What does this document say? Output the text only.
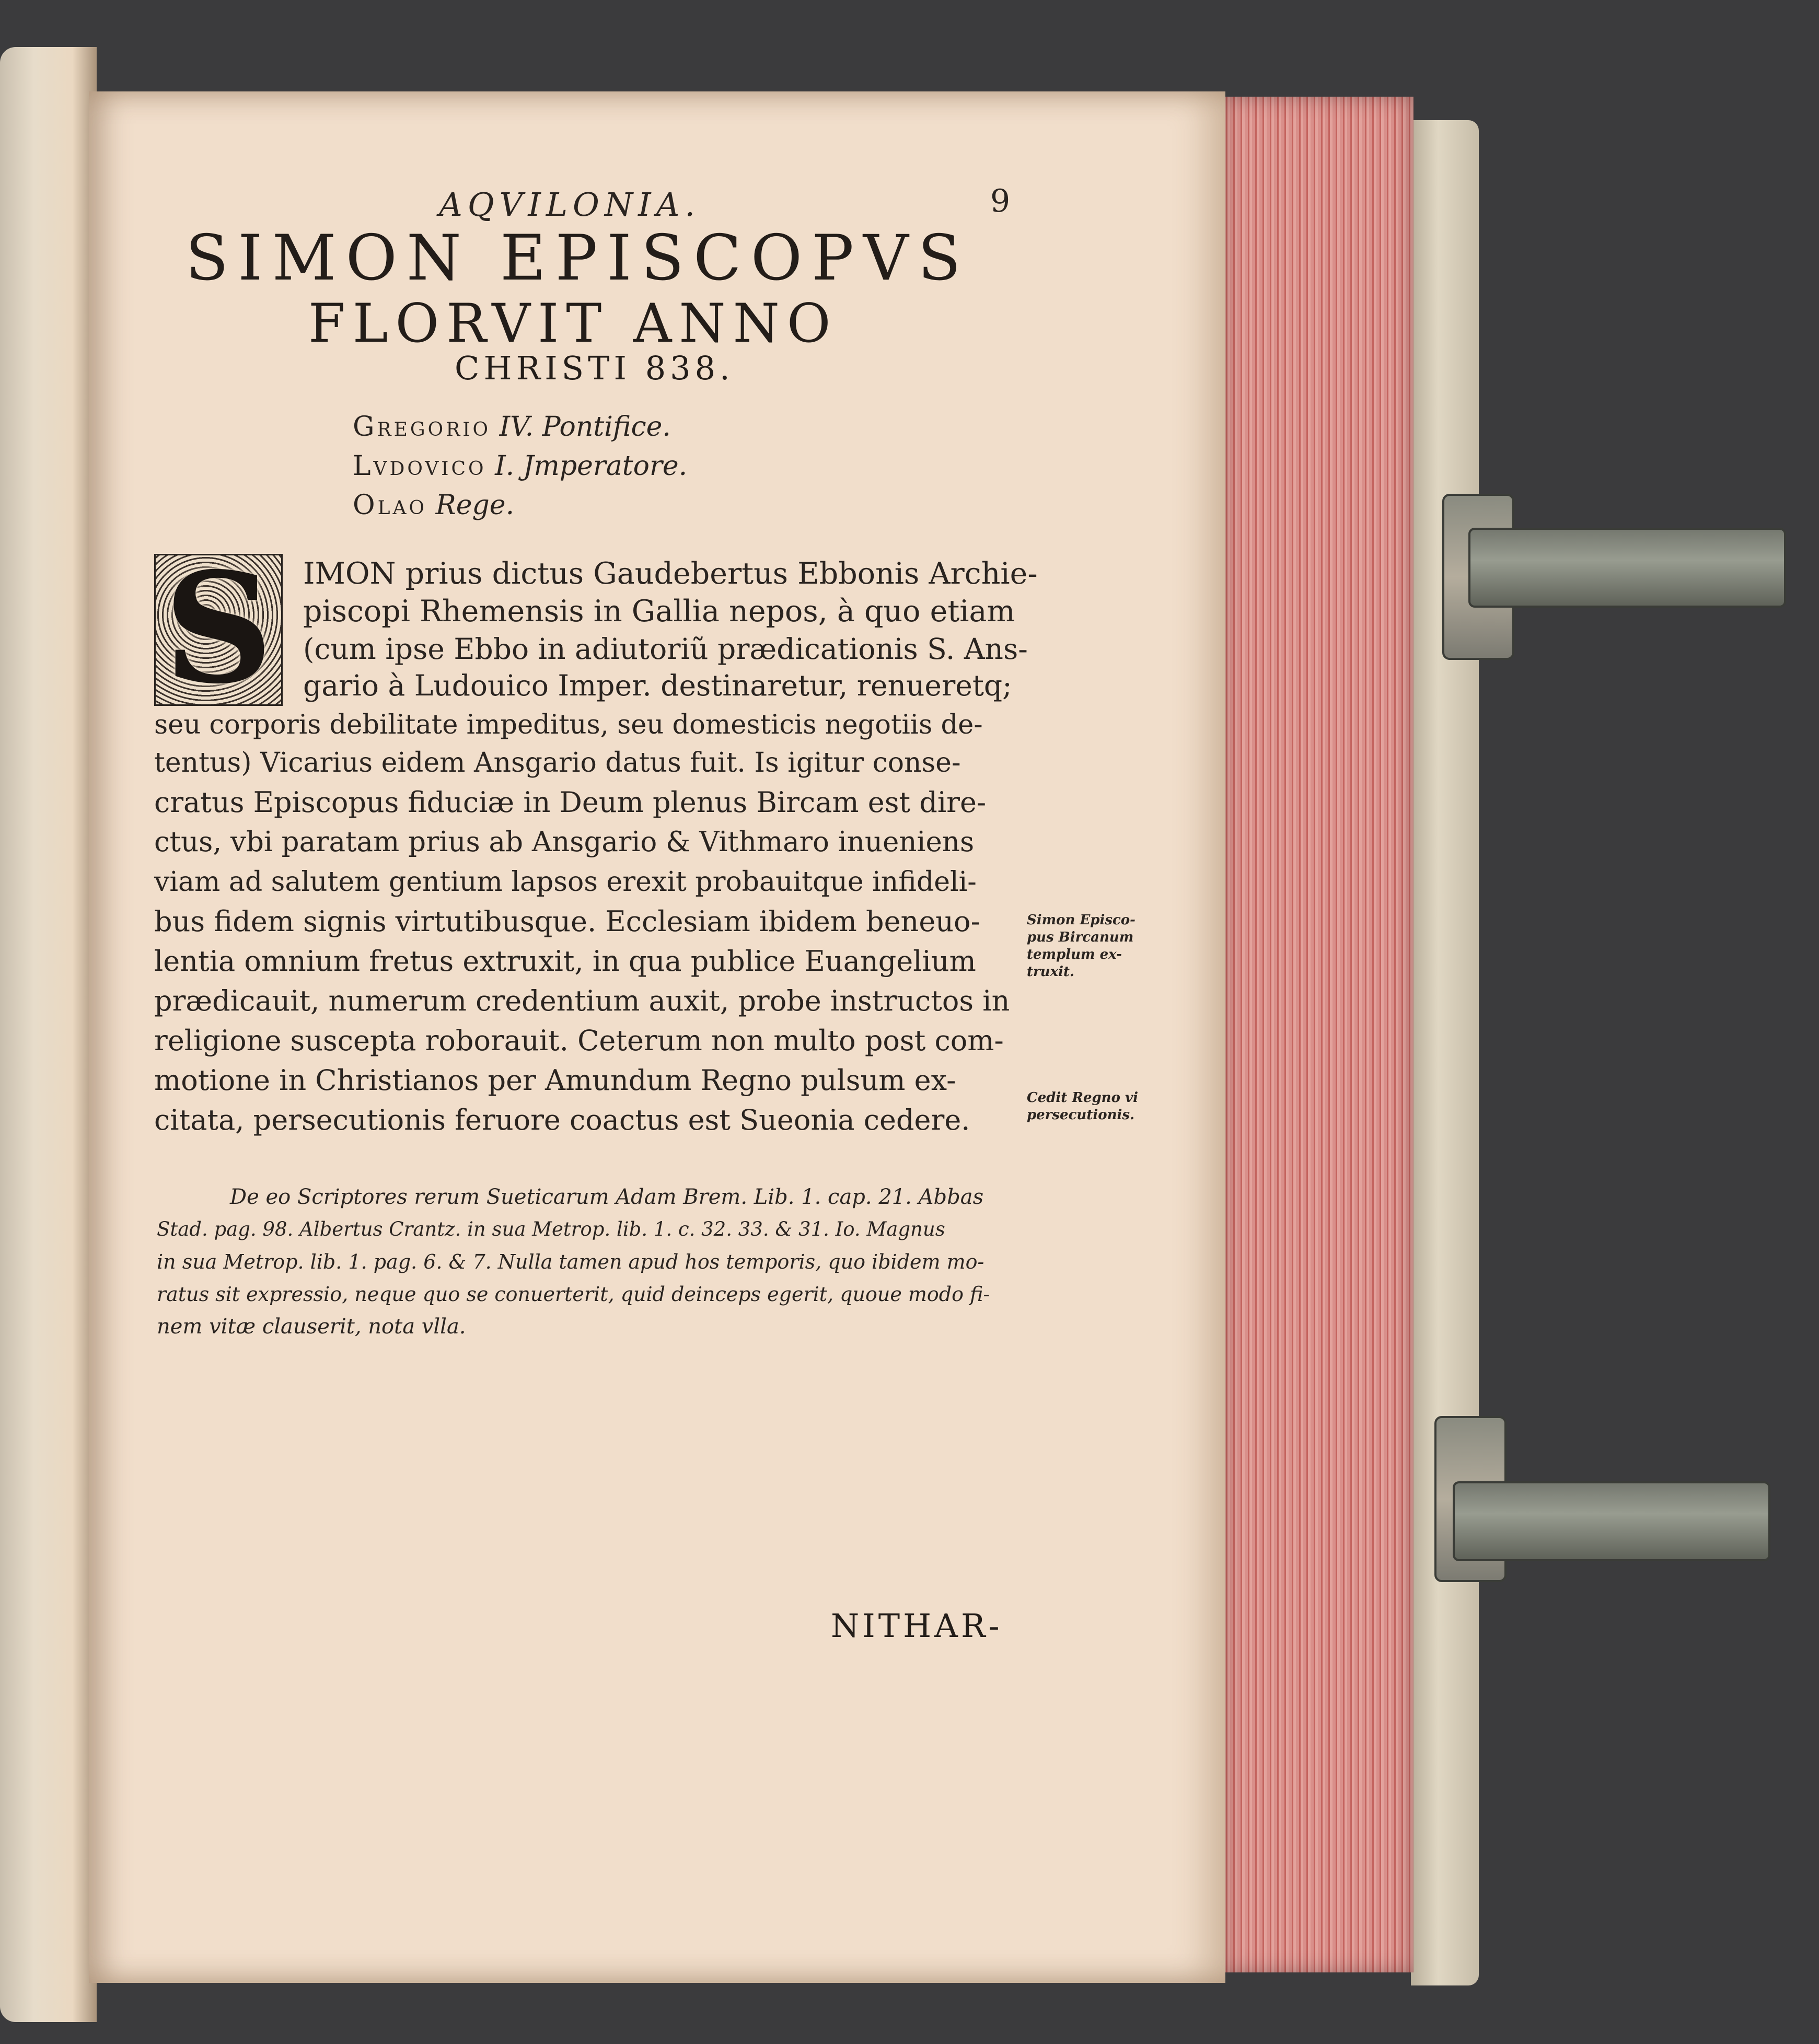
AQVILONIA.	9
SIMON EPISCOPVS
FLORVIT ANNO
CHRISTI 838.
Gregorio IV. Pontifice.
Lvdovico I. Jmperatore.
Olao Rege.
S IMON prius dictus Gaudebertus Ebbonis Archie-
piscopi Rhemensis in Gallia nepos, à quo etiam
(cum ipse Ebbo in adiutoriũ prædicationis S. Ans-
gario à Ludouico Imper. destinaretur, renueretq;
seu corporis debilitate impeditus, seu domesticis negotiis de-
tentus) Vicarius eidem Ansgario datus fuit. Is igitur conse-
cratus Episcopus fiduciæ in Deum plenus Bircam est dire-
ctus, vbi paratam prius ab Ansgario & Vithmaro inueniens
viam ad salutem gentium lapsos erexit probauitque infideli-
bus fidem signis virtutibusque. Ecclesiam ibidem beneuo-
lentia omnium fretus extruxit, in qua publice Euangelium
prædicauit, numerum credentium auxit, probe instructos in
religione suscepta roborauit. Ceterum non multo post com-
motione in Christianos per Amundum Regno pulsum ex-
citata, persecutionis feruore coactus est Sueonia cedere.
Simon Episco-
pus Bircanum
templum ex-
truxit.
Cedit Regno vi
persecutionis.
De eo Scriptores rerum Sueticarum Adam Brem. Lib. 1. cap. 21. Abbas
Stad. pag. 98. Albertus Crantz. in sua Metrop. lib. 1. c. 32. 33. & 31. Io. Magnus
in sua Metrop. lib. 1. pag. 6. & 7. Nulla tamen apud hos temporis, quo ibidem mo-
ratus sit expressio, neque quo se conuerterit, quid deinceps egerit, quoue modo fi-
nem vitæ clauserit, nota vlla.
NITHAR-
